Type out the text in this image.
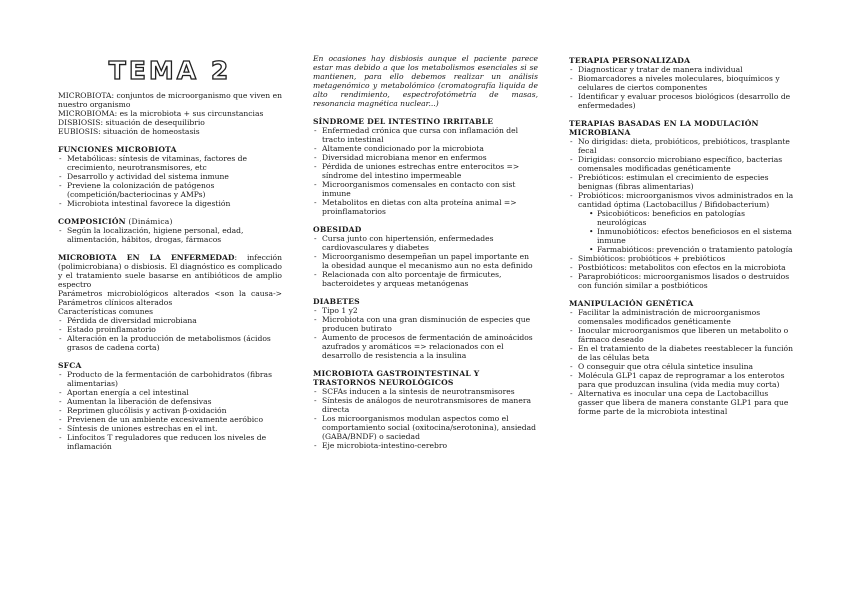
TEMA 2

MICROBIOTA: conjuntos de microorganismo que viven en nuestro organismo

MICROBIOMA: es la microbiota + sus circunstancias

DISBIOSIS: situación de desequilibrio

EUBIOSIS: situación de homeostasis

FUNCIONES MICROBIOTA
- Metabólicas: síntesis de vitaminas, factores de crecimiento, neurotransmisores, etc
- Desarrollo y actividad del sistema inmune
- Previene la colonización de patógenos (competición/bacteriocinas y AMPs)
- Microbiota intestinal favorece la digestión
COMPOSICIÓN (Dinámica)
- Según la localización, higiene personal, edad, alimentación, hábitos, drogas, fármacos

MICROBIOTA EN LA ENFERMEDAD: infección (polimicrobiana) o disbiosis. El diagnóstico es complicado y el tratamiento suele basarse en antibióticos de amplio espectro

Parámetros microbiológicos alterados <son la causa-> Parámetros clínicos alterados

Características comunes

- Pérdida de diversidad microbiana
- Estado proinflamatorio
- Alteración en la producción de metabolismos (ácidos grasos de cadena corta)
SFCA
- Producto de la fermentación de carbohidratos (fibras alimentarias)
- Aportan energía a cel intestinal
- Aumentan la liberación de defensivas
- Reprimen glucólisis y activan β-oxidación
- Previenen de un ambiente excesivamente aeróbico
- Síntesis de uniones estrechas en el int.
- Linfocitos T reguladores que reducen los niveles de inflamación

En ocasiones hay disbiosis aunque el paciente parece estar mas debido a que los metabolismos esenciales si se mantienen, para ello debemos realizar un análisis metagenómico y metabolómico (cromatografía liquida de alto rendimiento, espectrofotómetría de masas, resonancia magnética nuclear...)

SÍNDROME DEL INTESTINO IRRITABLE
- Enfermedad crónica que cursa con inflamación del tracto intestinal
- Altamente condicionado por la microbiota
- Diversidad microbiana menor en enfermos
- Pérdida de uniones estrechas entre enterocitos => síndrome del intestino impermeable
- Microorganismos comensales en contacto con sist inmune
- Metabolitos en dietas con alta proteína animal => proinflamatorios
OBESIDAD
- Cursa junto con hipertensión, enfermedades cardiovasculares y diabetes
- Microorganismo desempeñan un papel importante en la obesidad aunque el mecanismo aun no esta definido
- Relacionada con alto porcentaje de firmicutes, bacteroidetes y arqueas metanógenas
DIABETES
- Tipo 1 y2
- Microbiota con una gran disminución de especies que producen butirato
- Aumento de procesos de fermentación de aminoácidos azufrados y aromáticos => relacionados con el desarrollo de resistencia a la insulina
MICROBIOTA GASTROINTESTINAL Y TRASTORNOS NEUROLÓGICOS
- SCFAs inducen a la sintesis de neurotransmisores
- Síntesis de análogos de neurotransmisores de manera directa
- Los microorganismos modulan aspectos como el comportamiento social (oxitocina/serotonina), ansiedad (GABA/BNDF) o saciedad
- Eje microbiota-intestino-cerebro
TERAPIA PERSONALIZADA
- Diagnosticar y tratar de manera individual
- Biomarcadores a niveles moleculares, bioquímicos y celulares de ciertos componentes
- Identificar y evaluar procesos biológicos (desarrollo de enfermedades)
TERAPIAS BASADAS EN LA MODULACIÓN MICROBIANA
- No dirigidas: dieta, probióticos, prebióticos, trasplante fecal
- Dirigidas: consorcio microbiano específico, bacterias comensales modificadas genéticamente
- Prebióticos: estimulan el crecimiento de especies benignas (fibras alimentarias)
- Probióticos: microorganismos vivos administrados en la cantidad óptima (Lactobacillus / Bifidobacterium)
• Psicobióticos: beneficios en patologías neurológicas
• Inmunobióticos: efectos beneficiosos en el sistema inmune
• Farmabióticos: prevención o tratamiento patología
- Simbióticos: probióticos + prebióticos
- Postbióticos: metabolitos con efectos en la microbiota
- Paraprobióticos: microorganismos lisados o destruidos con función similar a postbióticos
MANIPULACIÓN GENÉTICA
- Facilitar la administración de microorganismos comensales modificados genéticamente
- Inocular microorganismos que liberen un metabolito o fármaco deseado
- En el tratamiento de la diabetes reestablecer la función de las células beta
- O conseguir que otra célula sintetice insulina
- Molécula GLP1 capaz de reprogramar a los enterotos para que produzcan insulina (vida media muy corta)
- Alternativa es inocular una cepa de Lactobacillus gasser que libera de manera constante GLP1 para que forme parte de la microbiota intestinal
